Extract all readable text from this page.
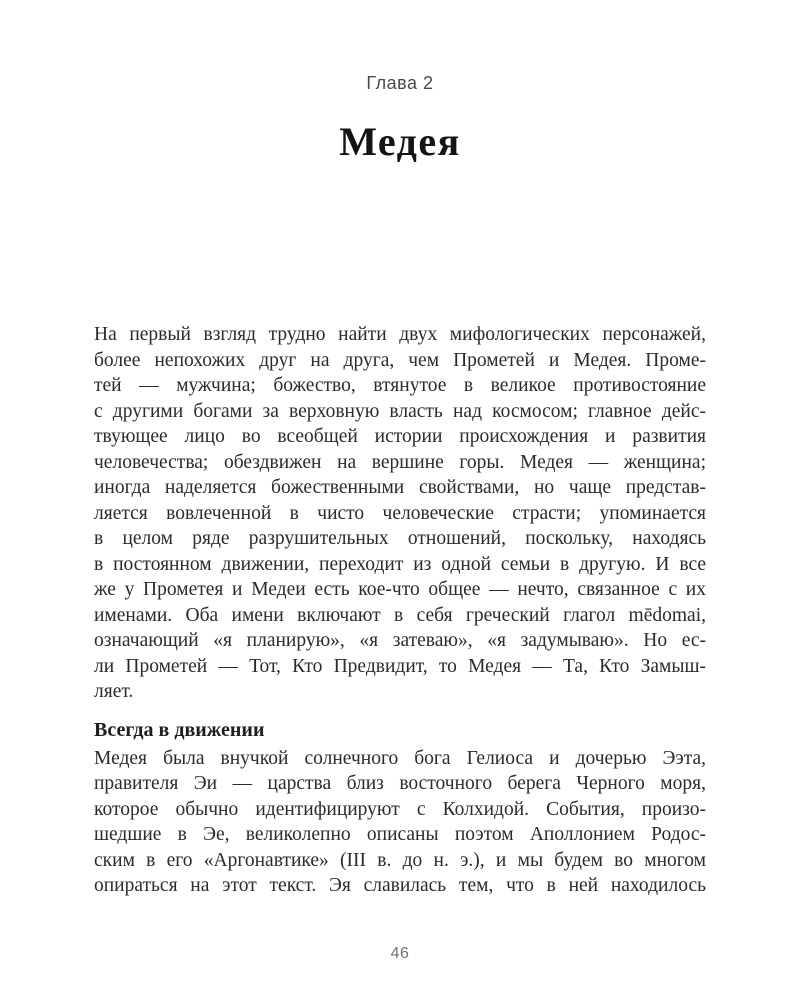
Глава 2
Медея
На первый взгляд трудно найти двух мифологических персонажей,
более непохожих друг на друга, чем Прометей и Медея. Проме-
тей — мужчина; божество, втянутое в великое противостояние
с другими богами за верховную власть над космосом; главное дейс-
твующее лицо во всеобщей истории происхождения и развития
человечества; обездвижен на вершине горы. Медея — женщина;
иногда наделяется божественными свойствами, но чаще представ-
ляется вовлеченной в чисто человеческие страсти; упоминается
в целом ряде разрушительных отношений, поскольку, находясь
в постоянном движении, переходит из одной семьи в другую. И все
же у Прометея и Медеи есть кое-что общее — нечто, связанное с их
именами. Оба имени включают в себя греческий глагол mēdomai,
означающий «я планирую», «я затеваю», «я задумываю». Но ес-
ли Прометей — Тот, Кто Предвидит, то Медея — Та, Кто Замыш-
ляет.
Всегда в движении
Медея была внучкой солнечного бога Гелиоса и дочерью Ээта,
правителя Эи — царства близ восточного берега Черного моря,
которое обычно идентифицируют с Колхидой. События, произо-
шедшие в Эе, великолепно описаны поэтом Аполлонием Родос-
ским в его «Аргонавтике» (III в. до н. э.), и мы будем во многом
опираться на этот текст. Эя славилась тем, что в ней находилось
46
